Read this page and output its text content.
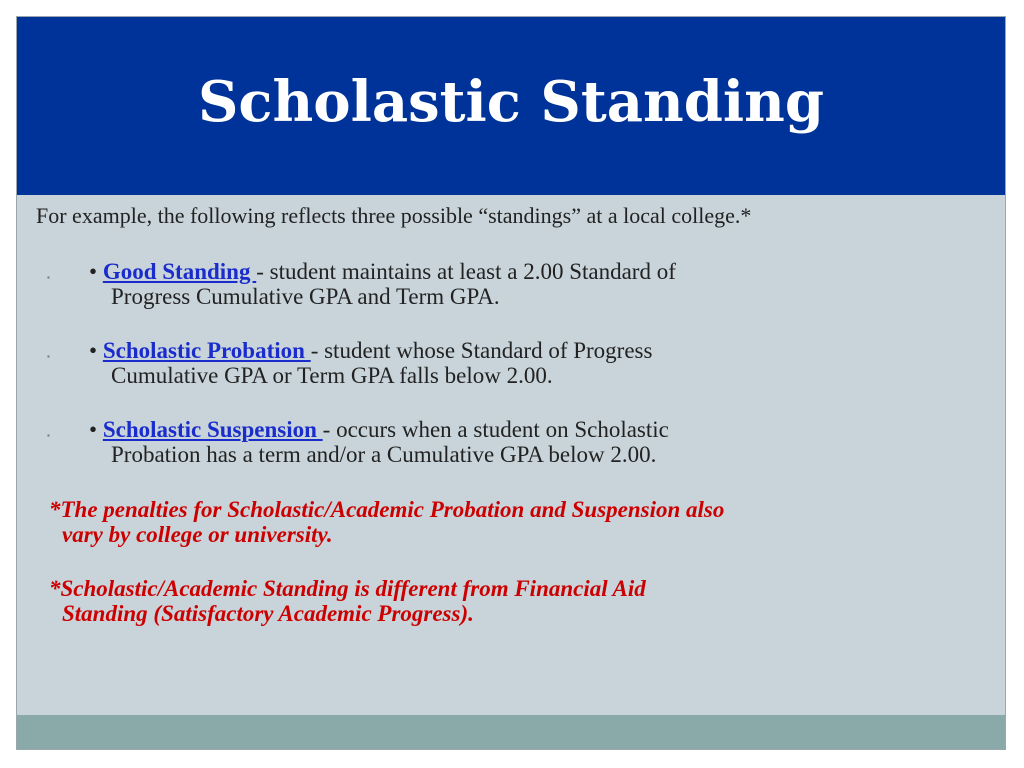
Scholastic Standing
For example, the following reflects three possible “standings” at a local college.*
▪ • Good Standing - student maintains at least a 2.00 Standard of
Progress Cumulative GPA and Term GPA.
▪ • Scholastic Probation - student whose Standard of Progress
Cumulative GPA or Term GPA falls below 2.00.
▪ • Scholastic Suspension - occurs when a student on Scholastic
Probation has a term and/or a Cumulative GPA below 2.00.
*The penalties for Scholastic/Academic Probation and Suspension also
vary by college or university.
*Scholastic/Academic Standing is different from Financial Aid
Standing (Satisfactory Academic Progress).
